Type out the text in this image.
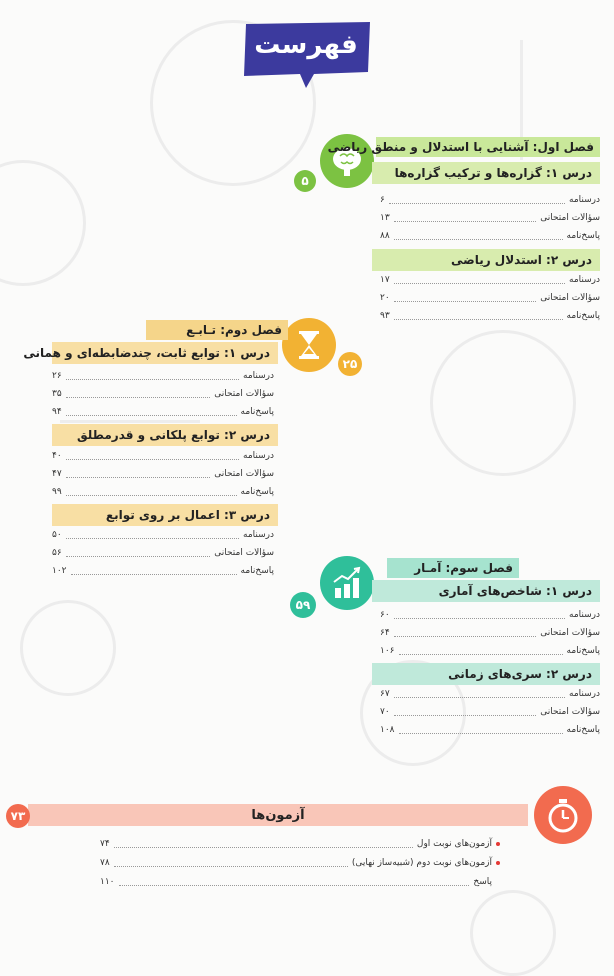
فهرست
۵
فصل اول: آشنایی با استدلال و منطق ریاضی
درس ۱: گزاره‌ها و ترکیب گزاره‌ها
درسنامه
۶
سؤالات امتحانی
۱۳
پاسخ‌نامه
۸۸
درس ۲: استدلال ریاضی
درسنامه
۱۷
سؤالات امتحانی
۲۰
پاسخ‌نامه
۹۳
۲۵
فصل دوم: تـابـع
درس ۱: توابع ثابت، چندضابطه‌ای و همانی
درسنامه
۲۶
سؤالات امتحانی
۳۵
پاسخ‌نامه
۹۴
درس ۲: توابع پلکانی و قدرمطلق
درسنامه
۴۰
سؤالات امتحانی
۴۷
پاسخ‌نامه
۹۹
درس ۳: اعمال بر روی توابع
درسنامه
۵۰
سؤالات امتحانی
۵۶
پاسخ‌نامه
۱۰۲
۵۹
فصل سوم: آمـار
درس ۱: شاخص‌های آماری
درسنامه
۶۰
سؤالات امتحانی
۶۴
پاسخ‌نامه
۱۰۶
درس ۲: سری‌های زمانی
درسنامه
۶۷
سؤالات امتحانی
۷۰
پاسخ‌نامه
۱۰۸
آزمون‌ها
۷۳
آزمون‌های نوبت اول
۷۴
آزمون‌های نوبت دوم (شبیه‌ساز نهایی)
۷۸
پاسخ
۱۱۰
